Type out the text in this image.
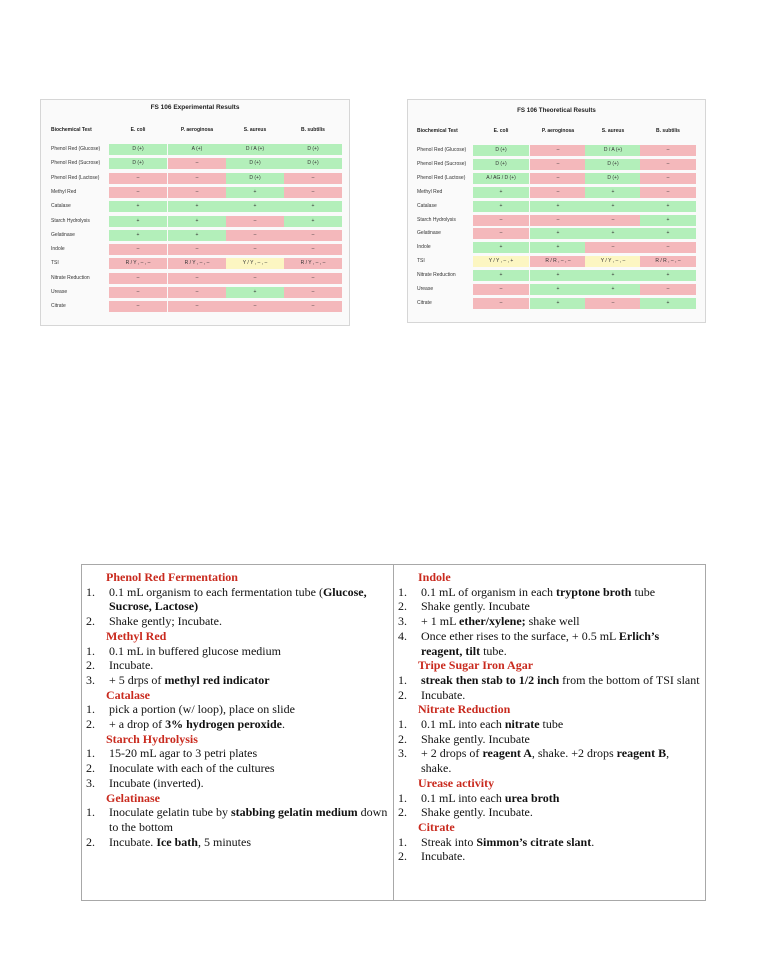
FS 106 Experimental Results
Biochemical Test	E. coli	P. aeroginosa	S. aureus	B. subtilis
Phenol Red (Glucose)	D (+)	A (+)	D / A (+)	D (+)
Phenol Red (Sucrose)	D (+)	–	D (+)	D (+)
Phenol Red (Lactose)	–	–	D (+)	–
Methyl Red	–	–	+	–
Catalase	+	+	+	+
Starch Hydrolysis	+	+	–	+
Gelatinase	+	+	–	–
Indole	–	–	–	–
TSI	R / Y , – , –	R / Y , – , –	Y / Y , – , –	R / Y , – , –
Nitrate Reduction	–	–	–	–
Urease	–	–	+	–
Citrate	–	–	–	–
FS 106 Theoretical Results
Biochemical Test	E. coli	P. aeroginosa	S. aureus	B. subtilis
Phenol Red (Glucose)	D (+)	–	D / A (+)	–
Phenol Red (Sucrose)	D (+)	–	D (+)	–
Phenol Red (Lactose)	A / AG / D (+)	–	D (+)	–
Methyl Red	+	–	+	–
Catalase	+	+	+	+
Starch Hydrolysis	–	–	–	+
Gelatinase	–	+	+	+
Indole	+	+	–	–
TSI	Y / Y , – , +	R / R , – , –	Y / Y , – , –	R / R , – , –
Nitrate Reduction	+	+	+	+
Urease	–	+	+	–
Citrate	–	+	–	+
Phenol Red Fermentation
1.	0.1 mL organism to each fermentation tube (Glucose, Sucrose, Lactose)
2.	Shake gently; Incubate.
Methyl Red
1.	0.1 mL in buffered glucose medium
2.	Incubate.
3.	+ 5 drps of methyl red indicator
Catalase
1.	pick a portion (w/ loop), place on slide
2.	+ a drop of 3% hydrogen peroxide.
Starch Hydrolysis
1.	15-20 mL agar to 3 petri plates
2.	Inoculate with each of the cultures
3.	Incubate (inverted).
Gelatinase
1.	Inoculate gelatin tube by stabbing gelatin medium down to the bottom
2.	Incubate. Ice bath, 5 minutes
Indole
1.	0.1 mL of organism in each tryptone broth tube
2.	Shake gently. Incubate
3.	+ 1 mL ether/xylene; shake well
4.	Once ether rises to the surface, + 0.5 mL Erlich’s reagent, tilt tube.
Tripe Sugar Iron Agar
1.	streak then stab to 1/2 inch from the bottom of TSI slant
2.	Incubate.
Nitrate Reduction
1.	0.1 mL into each nitrate tube
2.	Shake gently. Incubate
3.	+ 2 drops of reagent A, shake. +2 drops reagent B, shake.
Urease activity
1.	0.1 mL into each urea broth
2.	Shake gently. Incubate.
Citrate
1.	Streak into Simmon’s citrate slant.
2.	Incubate.
